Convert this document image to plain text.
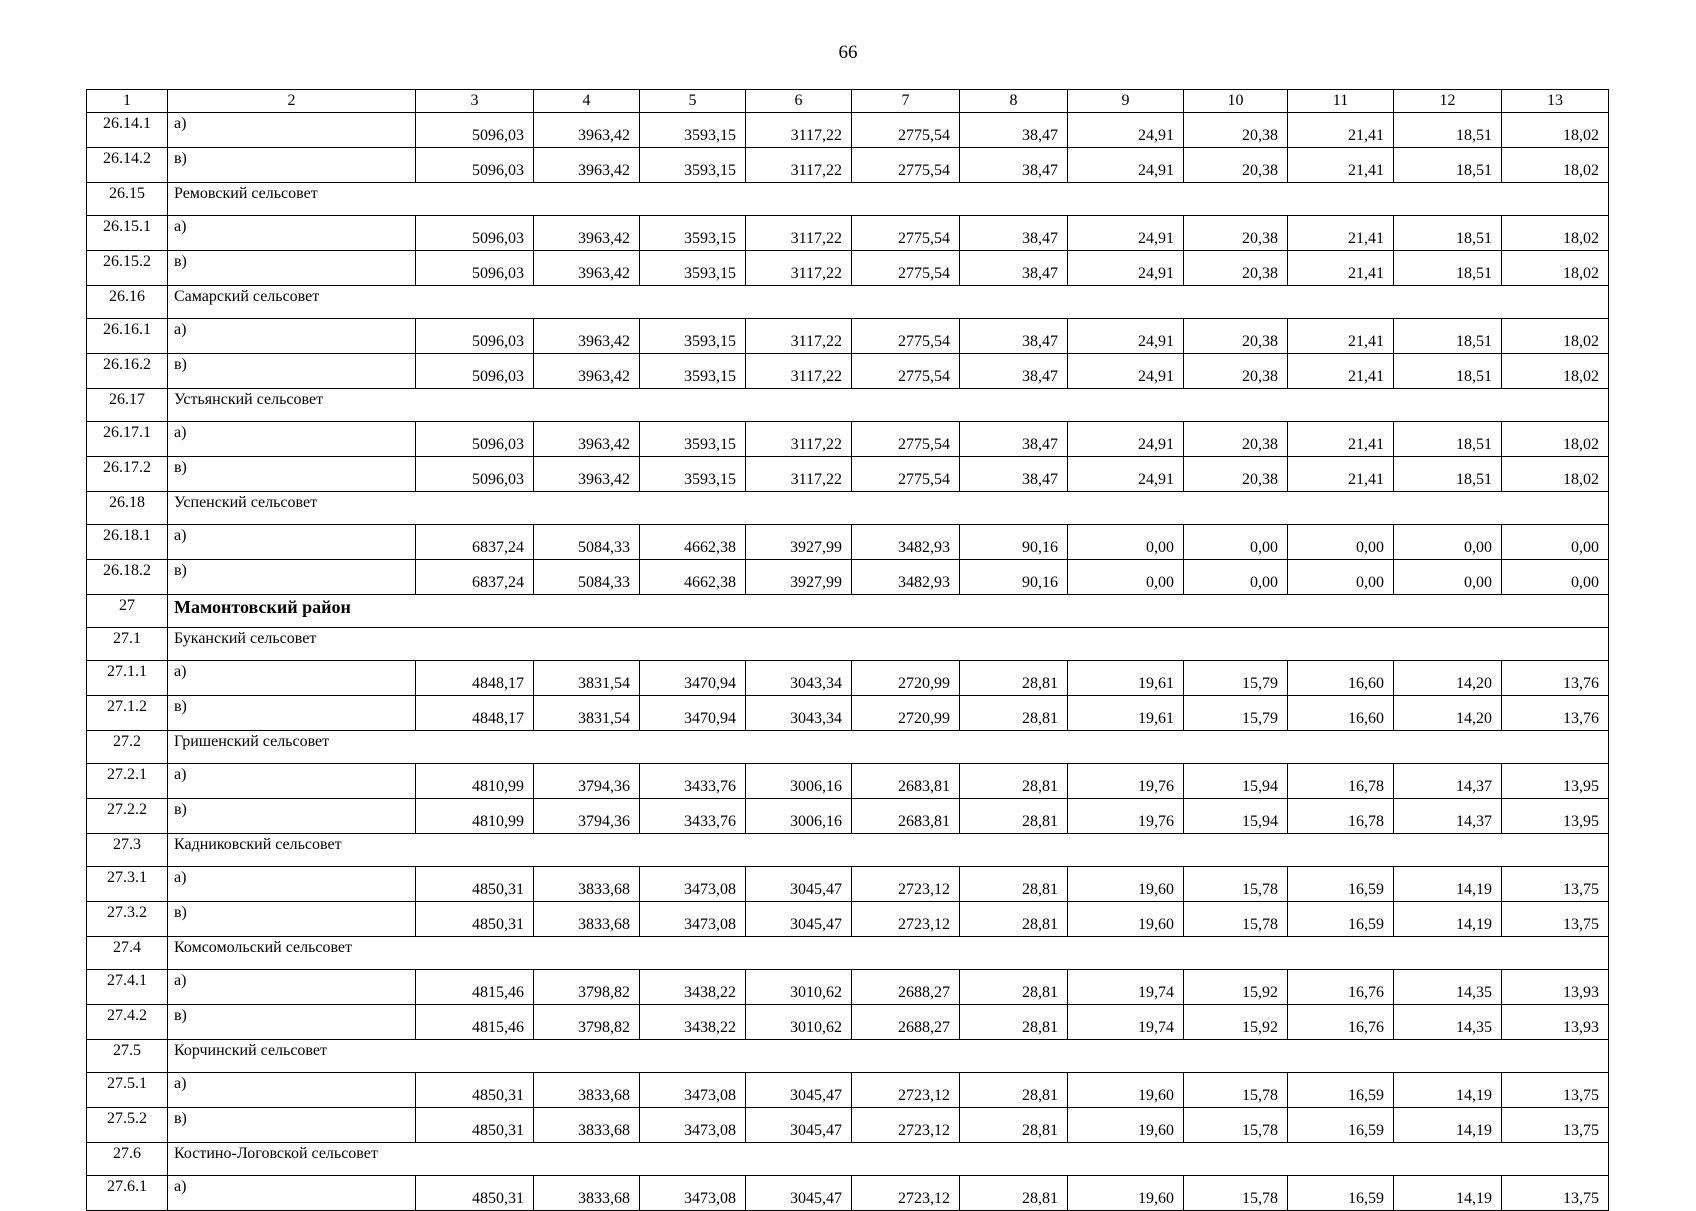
66
1	2	3	4	5	6	7	8	9	10	11	12	13
26.14.1	а)	5096,03	3963,42	3593,15	3117,22	2775,54	38,47	24,91	20,38	21,41	18,51	18,02
26.14.2	в)	5096,03	3963,42	3593,15	3117,22	2775,54	38,47	24,91	20,38	21,41	18,51	18,02
26.15	Ремовский сельсовет											
26.15.1	а)	5096,03	3963,42	3593,15	3117,22	2775,54	38,47	24,91	20,38	21,41	18,51	18,02
26.15.2	в)	5096,03	3963,42	3593,15	3117,22	2775,54	38,47	24,91	20,38	21,41	18,51	18,02
26.16	Самарский сельсовет											
26.16.1	а)	5096,03	3963,42	3593,15	3117,22	2775,54	38,47	24,91	20,38	21,41	18,51	18,02
26.16.2	в)	5096,03	3963,42	3593,15	3117,22	2775,54	38,47	24,91	20,38	21,41	18,51	18,02
26.17	Устьянский сельсовет											
26.17.1	а)	5096,03	3963,42	3593,15	3117,22	2775,54	38,47	24,91	20,38	21,41	18,51	18,02
26.17.2	в)	5096,03	3963,42	3593,15	3117,22	2775,54	38,47	24,91	20,38	21,41	18,51	18,02
26.18	Успенский сельсовет											
26.18.1	а)	6837,24	5084,33	4662,38	3927,99	3482,93	90,16	0,00	0,00	0,00	0,00	0,00
26.18.2	в)	6837,24	5084,33	4662,38	3927,99	3482,93	90,16	0,00	0,00	0,00	0,00	0,00
27	Мамонтовский район											
27.1	Буканский сельсовет											
27.1.1	а)	4848,17	3831,54	3470,94	3043,34	2720,99	28,81	19,61	15,79	16,60	14,20	13,76
27.1.2	в)	4848,17	3831,54	3470,94	3043,34	2720,99	28,81	19,61	15,79	16,60	14,20	13,76
27.2	Гришенский сельсовет											
27.2.1	а)	4810,99	3794,36	3433,76	3006,16	2683,81	28,81	19,76	15,94	16,78	14,37	13,95
27.2.2	в)	4810,99	3794,36	3433,76	3006,16	2683,81	28,81	19,76	15,94	16,78	14,37	13,95
27.3	Кадниковский сельсовет											
27.3.1	а)	4850,31	3833,68	3473,08	3045,47	2723,12	28,81	19,60	15,78	16,59	14,19	13,75
27.3.2	в)	4850,31	3833,68	3473,08	3045,47	2723,12	28,81	19,60	15,78	16,59	14,19	13,75
27.4	Комсомольский сельсовет											
27.4.1	а)	4815,46	3798,82	3438,22	3010,62	2688,27	28,81	19,74	15,92	16,76	14,35	13,93
27.4.2	в)	4815,46	3798,82	3438,22	3010,62	2688,27	28,81	19,74	15,92	16,76	14,35	13,93
27.5	Корчинский сельсовет											
27.5.1	а)	4850,31	3833,68	3473,08	3045,47	2723,12	28,81	19,60	15,78	16,59	14,19	13,75
27.5.2	в)	4850,31	3833,68	3473,08	3045,47	2723,12	28,81	19,60	15,78	16,59	14,19	13,75
27.6	Костино-Логовской сельсовет											
27.6.1	а)	4850,31	3833,68	3473,08	3045,47	2723,12	28,81	19,60	15,78	16,59	14,19	13,75
